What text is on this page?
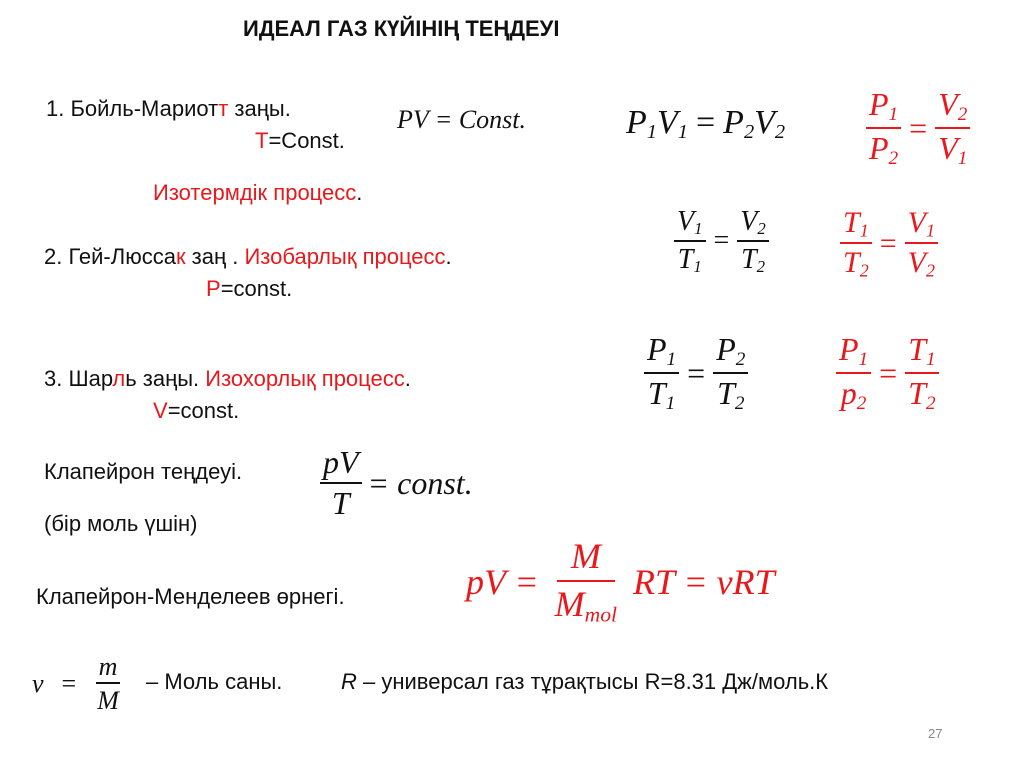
ИДЕАЛ ГАЗ КҮЙІНІҢ ТЕҢДЕУІ
1. Бойль-Мариотт заңы.
Т=Const.
Изотермдік процесс.
PV = Const.	$P_1V_1 = P_2V_2$	$\frac{P_1}{P_2} = \frac{V_2}{V_1}$
2. Гей-Люссак заң . Изобарлық процесс.
Р=const.
$\frac{V_1}{T_1} = \frac{V_2}{T_2} \frac{T_1}{T_2} = \frac{V_1}{V_2}$
3. Шарль заңы. Изохорлық процесс.
V=const.	$\frac{P_1}{T_1} = \frac{P_2}{T_2}$	$\frac{P_1}{p_2} = \frac{T_1}{T_2}$
Клапейрон теңдеуі.
(бір моль үшін)
$\frac{pV}{T}$ = const.
Клапейрон-Менделеев өрнегі.	pV = $\frac{M}{M_{mol}}$ RT = νRT
$\nu = \frac{m}{M}$ – Моль саны.	R – универсал газ тұрақтысы R=8.31 Дж/моль.К
27
